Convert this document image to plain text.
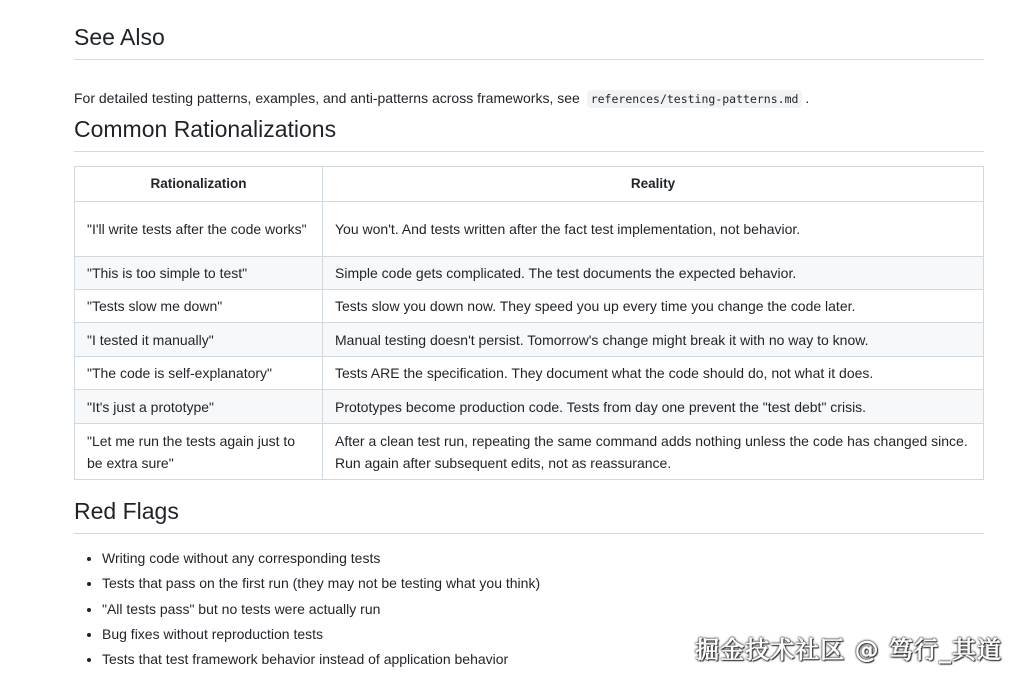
See Also

For detailed testing patterns, examples, and anti-patterns across frameworks, see references/testing-patterns.md .

Common Rationalizations
Rationalization	Reality
"I'll write tests after the code works"	You won't. And tests written after the fact test implementation, not behavior.
"This is too simple to test"	Simple code gets complicated. The test documents the expected behavior.
"Tests slow me down"	Tests slow you down now. They speed you up every time you change the code later.
"I tested it manually"	Manual testing doesn't persist. Tomorrow's change might break it with no way to know.
"The code is self-explanatory"	Tests ARE the specification. They document what the code should do, not what it does.
"It's just a prototype"	Prototypes become production code. Tests from day one prevent the "test debt" crisis.
"Let me run the tests again just to be extra sure"	After a clean test run, repeating the same command adds nothing unless the code has changed since. Run again after subsequent edits, not as reassurance.
Red Flags
• Writing code without any corresponding tests
• Tests that pass on the first run (they may not be testing what you think)
• "All tests pass" but no tests were actually run
• Bug fixes without reproduction tests
• Tests that test framework behavior instead of application behavior	掘金技术社区 @ 笃行_其道
